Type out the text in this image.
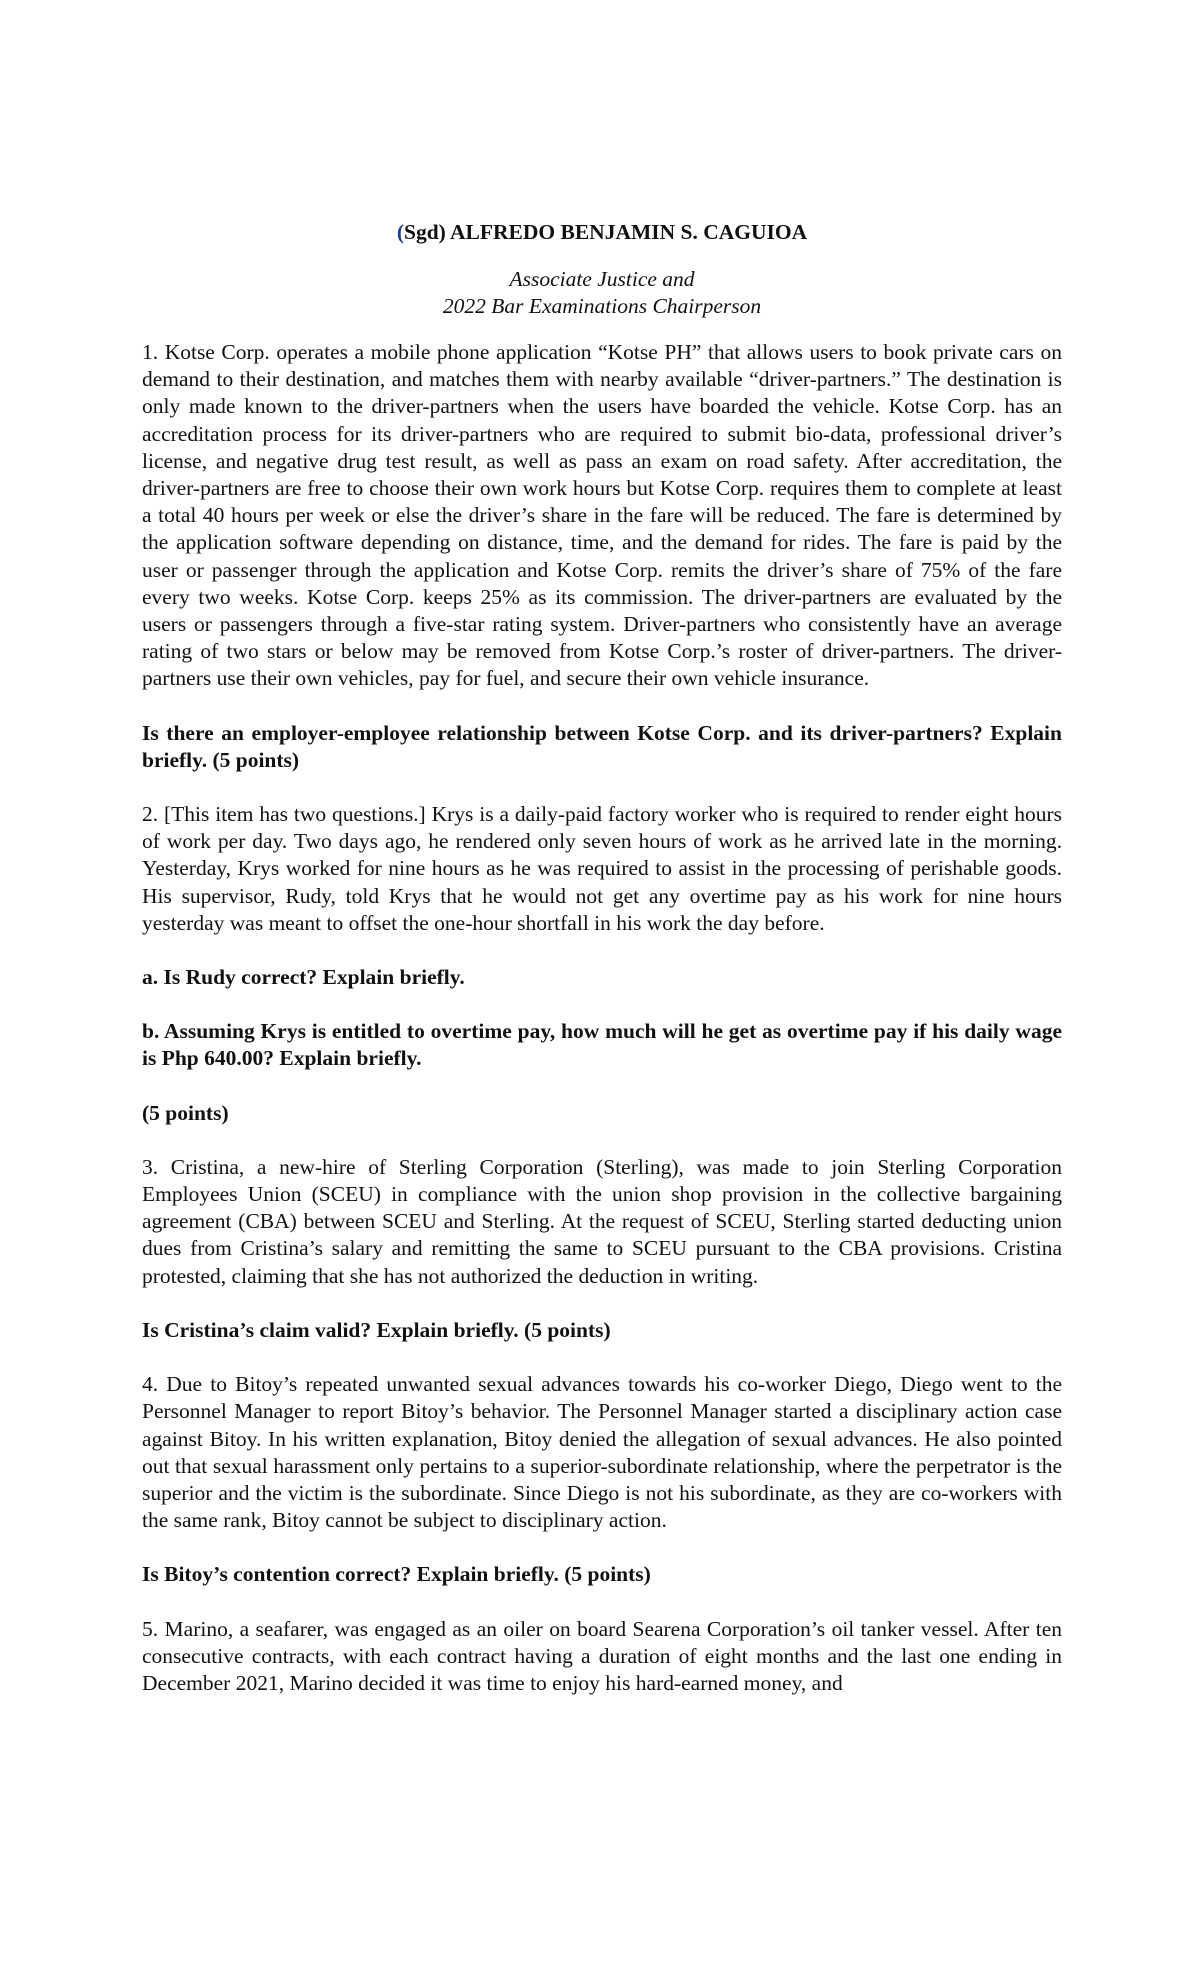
(Sgd) ALFREDO BENJAMIN S. CAGUIOA

Associate Justice and
2022 Bar Examinations Chairperson

1. Kotse Corp. operates a mobile phone application “Kotse PH” that allows users to book private cars on demand to their destination, and matches them with nearby available “driver-partners.” The destination is only made known to the driver-partners when the users have boarded the vehicle. Kotse Corp. has an accreditation process for its driver-partners who are required to submit bio-data, professional driver’s license, and negative drug test result, as well as pass an exam on road safety. After accreditation, the driver-partners are free to choose their own work hours but Kotse Corp. requires them to complete at least a total 40 hours per week or else the driver’s share in the fare will be reduced. The fare is determined by the application software depending on distance, time, and the demand for rides. The fare is paid by the user or passenger through the application and Kotse Corp. remits the driver’s share of 75% of the fare every two weeks. Kotse Corp. keeps 25% as its commission. The driver-partners are evaluated by the users or passengers through a five-star rating system. Driver-partners who consistently have an average rating of two stars or below may be removed from Kotse Corp.’s roster of driver-partners. The driver-partners use their own vehicles, pay for fuel, and secure their own vehicle insurance.

Is there an employer-employee relationship between Kotse Corp. and its driver-partners? Explain briefly. (5 points)

2. [This item has two questions.] Krys is a daily-paid factory worker who is required to render eight hours of work per day. Two days ago, he rendered only seven hours of work as he arrived late in the morning. Yesterday, Krys worked for nine hours as he was required to assist in the processing of perishable goods. His supervisor, Rudy, told Krys that he would not get any overtime pay as his work for nine hours yesterday was meant to offset the one-hour shortfall in his work the day before.

a. Is Rudy correct? Explain briefly.

b. Assuming Krys is entitled to overtime pay, how much will he get as overtime pay if his daily wage is Php 640.00? Explain briefly.

(5 points)

3. Cristina, a new-hire of Sterling Corporation (Sterling), was made to join Sterling Corporation Employees Union (SCEU) in compliance with the union shop provision in the collective bargaining agreement (CBA) between SCEU and Sterling. At the request of SCEU, Sterling started deducting union dues from Cristina’s salary and remitting the same to SCEU pursuant to the CBA provisions. Cristina protested, claiming that she has not authorized the deduction in writing.

Is Cristina’s claim valid? Explain briefly. (5 points)

4. Due to Bitoy’s repeated unwanted sexual advances towards his co-worker Diego, Diego went to the Personnel Manager to report Bitoy’s behavior. The Personnel Manager started a disciplinary action case against Bitoy. In his written explanation, Bitoy denied the allegation of sexual advances. He also pointed out that sexual harassment only pertains to a superior-subordinate relationship, where the perpetrator is the superior and the victim is the subordinate. Since Diego is not his subordinate, as they are co-workers with the same rank, Bitoy cannot be subject to disciplinary action.

Is Bitoy’s contention correct? Explain briefly. (5 points)

5. Marino, a seafarer, was engaged as an oiler on board Searena Corporation’s oil tanker vessel. After ten consecutive contracts, with each contract having a duration of eight months and the last one ending in December 2021, Marino decided it was time to enjoy his hard-earned money, and
